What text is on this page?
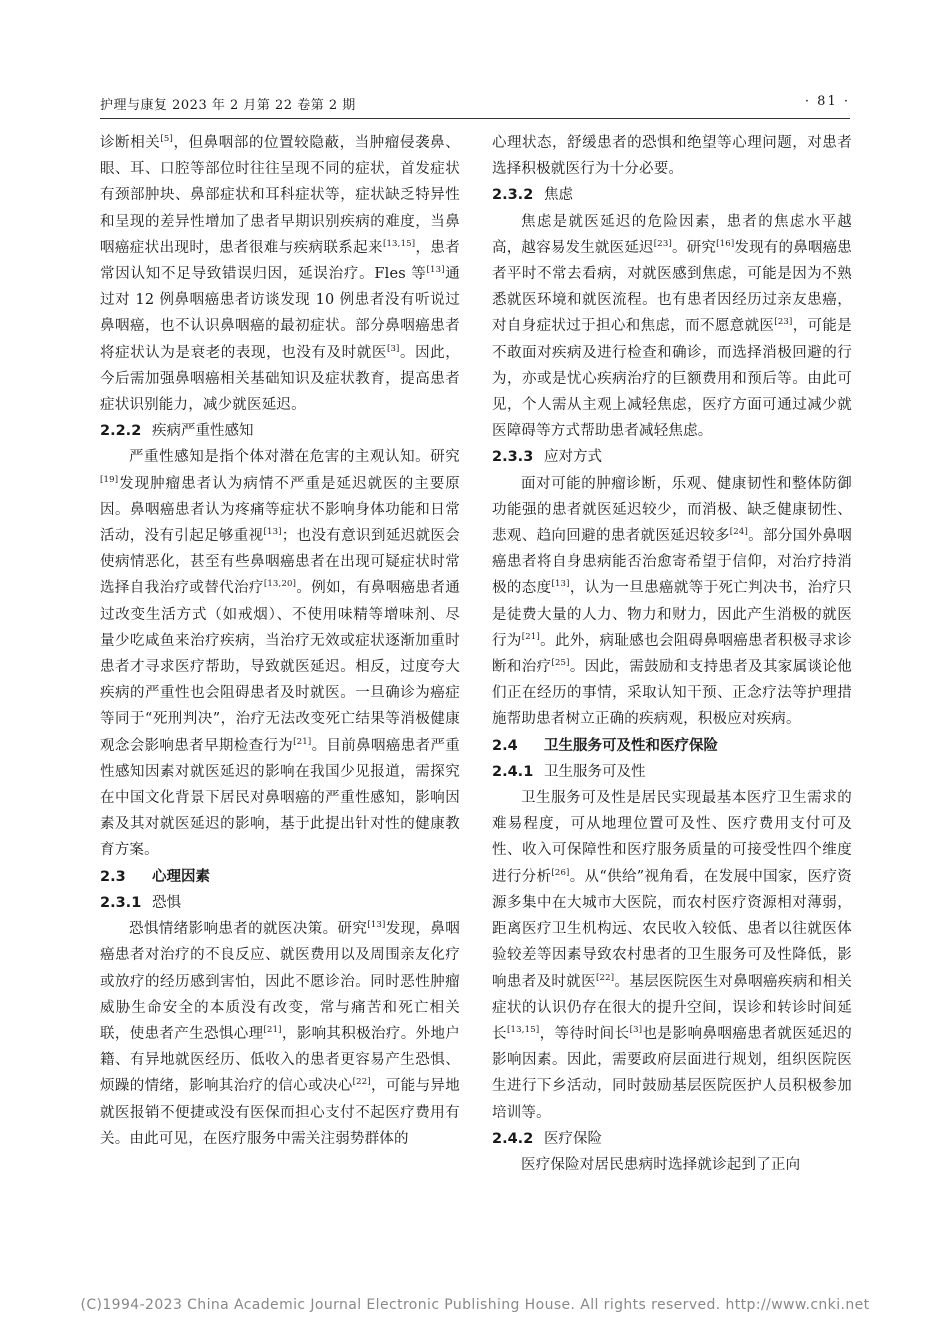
护理与康复 2023 年 2 月第 22 卷第 2 期	· 81 ·

诊断相关[5]，但鼻咽部的位置较隐蔽，当肿瘤侵袭鼻、眼、耳、口腔等部位时往往呈现不同的症状，首发症状有颈部肿块、鼻部症状和耳科症状等，症状缺乏特异性和呈现的差异性增加了患者早期识别疾病的难度，当鼻咽癌症状出现时，患者很难与疾病联系起来[13,15]，患者常因认知不足导致错误归因，延误治疗。Fles 等[13]通过对 12 例鼻咽癌患者访谈发现 10 例患者没有听说过鼻咽癌，也不认识鼻咽癌的最初症状。部分鼻咽癌患者将症状认为是衰老的表现，也没有及时就医[3]。因此，今后需加强鼻咽癌相关基础知识及症状教育，提高患者症状识别能力，减少就医延迟。

2.2.2 疾病严重性感知

严重性感知是指个体对潜在危害的主观认知。研究[19]发现肿瘤患者认为病情不严重是延迟就医的主要原因。鼻咽癌患者认为疼痛等症状不影响身体功能和日常活动，没有引起足够重视[13]；也没有意识到延迟就医会使病情恶化，甚至有些鼻咽癌患者在出现可疑症状时常选择自我治疗或替代治疗[13,20]。例如，有鼻咽癌患者通过改变生活方式（如戒烟）、不使用味精等增味剂、尽量少吃咸鱼来治疗疾病，当治疗无效或症状逐渐加重时患者才寻求医疗帮助，导致就医延迟。相反，过度夸大疾病的严重性也会阻碍患者及时就医。一旦确诊为癌症等同于“死刑判决”，治疗无法改变死亡结果等消极健康观念会影响患者早期检查行为[21]。目前鼻咽癌患者严重性感知因素对就医延迟的影响在我国少见报道，需探究在中国文化背景下居民对鼻咽癌的严重性感知，影响因素及其对就医延迟的影响，基于此提出针对性的健康教育方案。

2.3 心理因素
2.3.1 恐惧

恐惧情绪影响患者的就医决策。研究[13]发现，鼻咽癌患者对治疗的不良反应、就医费用以及周围亲友化疗或放疗的经历感到害怕，因此不愿诊治。同时恶性肿瘤威胁生命安全的本质没有改变，常与痛苦和死亡相关联，使患者产生恐惧心理[21]，影响其积极治疗。外地户籍、有异地就医经历、低收入的患者更容易产生恐惧、烦躁的情绪，影响其治疗的信心或决心[22]，可能与异地就医报销不便捷或没有医保而担心支付不起医疗费用有关。由此可见，在医疗服务中需关注弱势群体的

心理状态，舒缓患者的恐惧和绝望等心理问题，对患者选择积极就医行为十分必要。

2.3.2 焦虑

焦虑是就医延迟的危险因素，患者的焦虑水平越高，越容易发生就医延迟[23]。研究[16]发现有的鼻咽癌患者平时不常去看病，对就医感到焦虑，可能是因为不熟悉就医环境和就医流程。也有患者因经历过亲友患癌，对自身症状过于担心和焦虑，而不愿意就医[23]，可能是不敢面对疾病及进行检查和确诊，而选择消极回避的行为，亦或是忧心疾病治疗的巨额费用和预后等。由此可见，个人需从主观上减轻焦虑，医疗方面可通过减少就医障碍等方式帮助患者减轻焦虑。

2.3.3 应对方式

面对可能的肿瘤诊断，乐观、健康韧性和整体防御功能强的患者就医延迟较少，而消极、缺乏健康韧性、悲观、趋向回避的患者就医延迟较多[24]。部分国外鼻咽癌患者将自身患病能否治愈寄希望于信仰，对治疗持消极的态度[13]，认为一旦患癌就等于死亡判决书，治疗只是徒费大量的人力、物力和财力，因此产生消极的就医行为[21]。此外，病耻感也会阻碍鼻咽癌患者积极寻求诊断和治疗[25]。因此，需鼓励和支持患者及其家属谈论他们正在经历的事情，采取认知干预、正念疗法等护理措施帮助患者树立正确的疾病观，积极应对疾病。

2.4 卫生服务可及性和医疗保险
2.4.1 卫生服务可及性

卫生服务可及性是居民实现最基本医疗卫生需求的难易程度，可从地理位置可及性、医疗费用支付可及性、收入可保障性和医疗服务质量的可接受性四个维度进行分析[26]。从“供给”视角看，在发展中国家，医疗资源多集中在大城市大医院，而农村医疗资源相对薄弱，距离医疗卫生机构远、农民收入较低、患者以往就医体验较差等因素导致农村患者的卫生服务可及性降低，影响患者及时就医[22]。基层医院医生对鼻咽癌疾病和相关症状的认识仍存在很大的提升空间，误诊和转诊时间延长[13,15]，等待时间长[3]也是影响鼻咽癌患者就医延迟的影响因素。因此，需要政府层面进行规划，组织医院医生进行下乡活动，同时鼓励基层医院医护人员积极参加培训等。

2.4.2 医疗保险

医疗保险对居民患病时选择就诊起到了正向

(C)1994-2023 China Academic Journal Electronic Publishing House. All rights reserved. http://www.cnki.net
